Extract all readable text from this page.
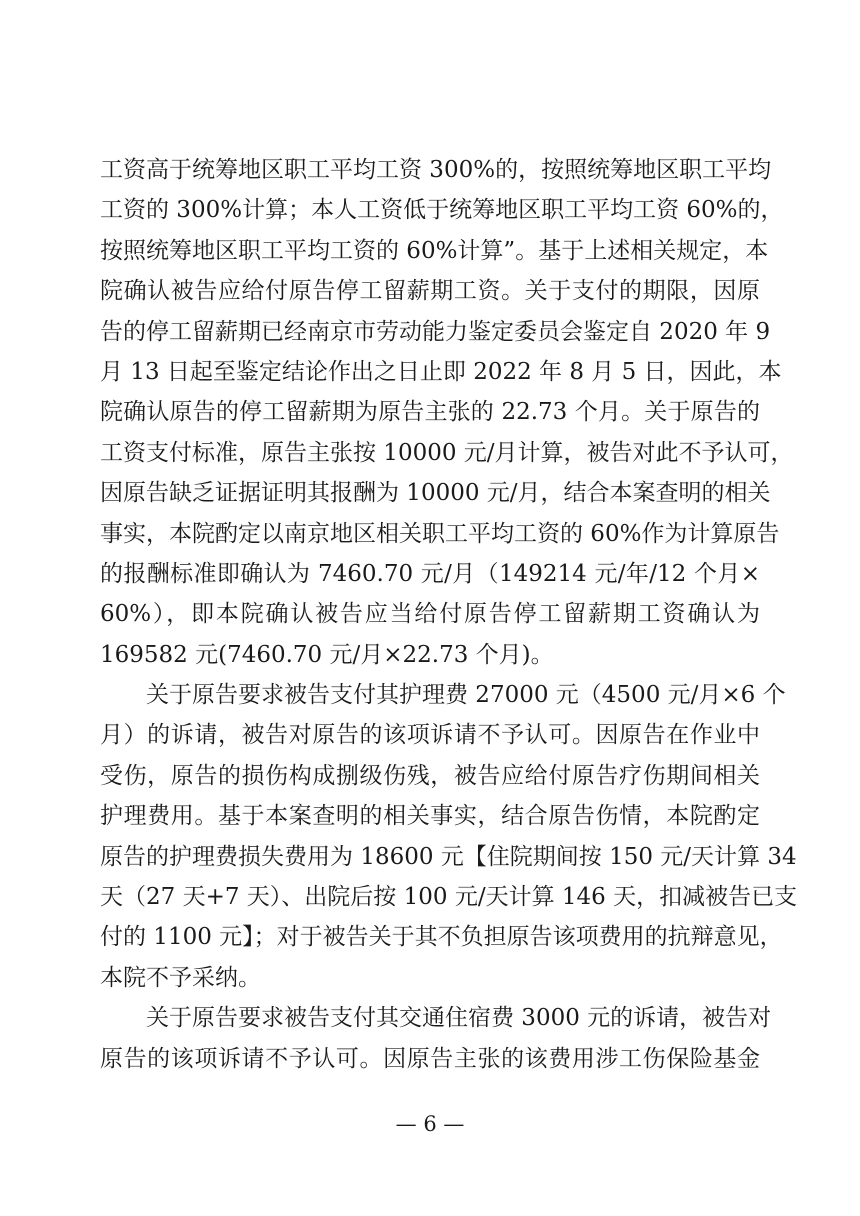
工资高于统筹地区职工平均工资 300%的，按照统筹地区职工平均
工资的 300%计算；本人工资低于统筹地区职工平均工资 60%的，
按照统筹地区职工平均工资的 60%计算”。基于上述相关规定，本
院确认被告应给付原告停工留薪期工资。关于支付的期限，因原
告的停工留薪期已经南京市劳动能力鉴定委员会鉴定自 2020 年 9
月 13 日起至鉴定结论作出之日止即 2022 年 8 月 5 日，因此，本
院确认原告的停工留薪期为原告主张的 22.73 个月。关于原告的
工资支付标准，原告主张按 10000 元/月计算，被告对此不予认可，
因原告缺乏证据证明其报酬为 10000 元/月，结合本案查明的相关
事实，本院酌定以南京地区相关职工平均工资的 60%作为计算原告
的报酬标准即确认为 7460.70 元/月（149214 元/年/12 个月×
60%），即本院确认被告应当给付原告停工留薪期工资确认为
169582 元(7460.70 元/月×22.73 个月)。
关于原告要求被告支付其护理费 27000 元（4500 元/月×6 个
月）的诉请，被告对原告的该项诉请不予认可。因原告在作业中
受伤，原告的损伤构成捌级伤残，被告应给付原告疗伤期间相关
护理费用。基于本案查明的相关事实，结合原告伤情，本院酌定
原告的护理费损失费用为 18600 元【住院期间按 150 元/天计算 34
天（27 天+7 天）、出院后按 100 元/天计算 146 天，扣减被告已支
付的 1100 元】；对于被告关于其不负担原告该项费用的抗辩意见，
本院不予采纳。
关于原告要求被告支付其交通住宿费 3000 元的诉请，被告对
原告的该项诉请不予认可。因原告主张的该费用涉工伤保险基金
— 6 —
